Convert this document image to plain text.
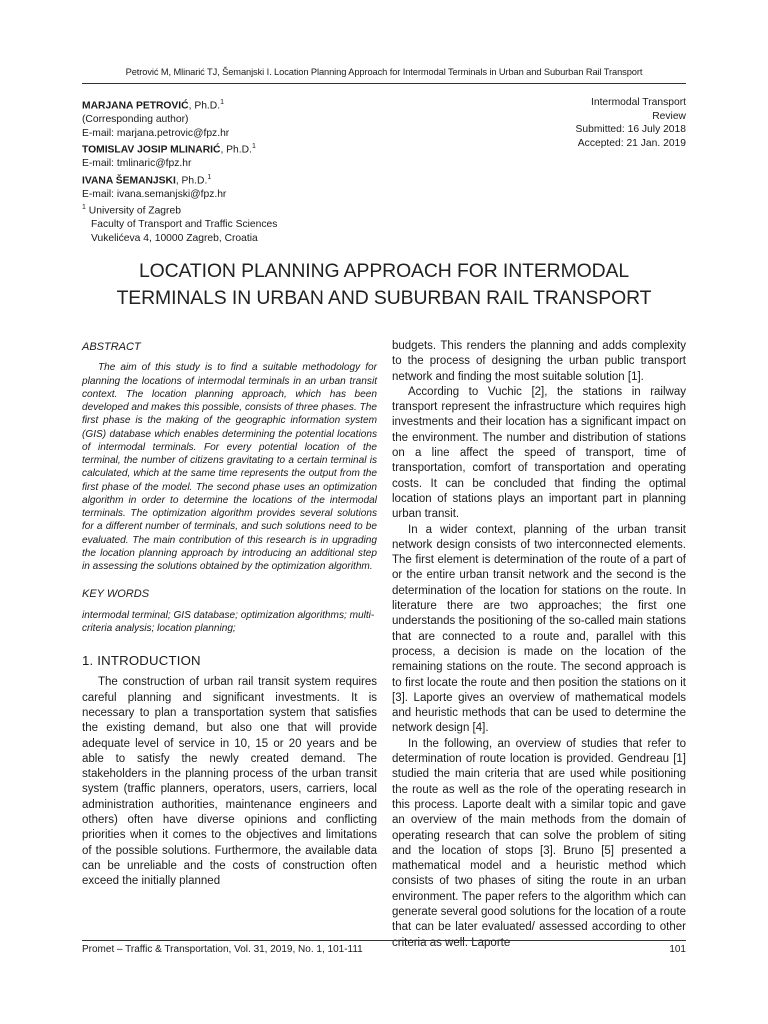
Petrović M, Mlinarić TJ, Šemanjski I. Location Planning Approach for Intermodal Terminals in Urban and Suburban Rail Transport
MARJANA PETROVIĆ, Ph.D.$^1$
(Corresponding author)
E-mail: marjana.petrovic@fpz.hr
TOMISLAV JOSIP MLINARIĆ, Ph.D.$^1$
E-mail: tmlinaric@fpz.hr
IVANA ŠEMANJSKI, Ph.D.$^1$
E-mail: ivana.semanjski@fpz.hr
$^1$ University of Zagreb
Faculty of Transport and Traffic Sciences
Vukelićeva 4, 10000 Zagreb, Croatia
Intermodal Transport
Review
Submitted: 16 July 2018
Accepted: 21 Jan. 2019
LOCATION PLANNING APPROACH FOR INTERMODAL
TERMINALS IN URBAN AND SUBURBAN RAIL TRANSPORT
ABSTRACT

The aim of this study is to find a suitable methodology for planning the locations of intermodal terminals in an urban transit context. The location planning approach, which has been developed and makes this possible, consists of three phases. The first phase is the making of the geographic information system (GIS) database which enables determining the potential locations of intermodal terminals. For every potential location of the terminal, the number of citizens gravitating to a certain terminal is calculated, which at the same time represents the output from the first phase of the model. The second phase uses an optimization algorithm in order to determine the locations of the intermodal terminals. The optimization algorithm provides several solutions for a different number of terminals, and such solutions need to be evaluated. The main contribution of this research is in upgrading the location planning approach by introducing an additional step in assessing the solutions obtained by the optimization algorithm.

KEY WORDS

intermodal terminal; GIS database; optimization algorithms; multi-criteria analysis; location planning;

1. INTRODUCTION

The construction of urban rail transit system requires careful planning and significant investments. It is necessary to plan a transportation system that satisfies the existing demand, but also one that will provide adequate level of service in 10, 15 or 20 years and be able to satisfy the newly created demand. The stakeholders in the planning process of the urban transit system (traffic planners, operators, users, carriers, local administration authorities, maintenance engineers and others) often have diverse opinions and conflicting priorities when it comes to the objectives and limitations of the possible solutions. Furthermore, the available data can be unreliable and the costs of construction often exceed the initially planned

budgets. This renders the planning and adds complexity to the process of designing the urban public transport network and finding the most suitable solution [1].

According to Vuchic [2], the stations in railway transport represent the infrastructure which requires high investments and their location has a significant impact on the environment. The number and distribution of stations on a line affect the speed of transport, time of transportation, comfort of transportation and operating costs. It can be concluded that finding the optimal location of stations plays an important part in planning urban transit.

In a wider context, planning of the urban transit network design consists of two interconnected elements. The first element is determination of the route of a part of or the entire urban transit network and the second is the determination of the location for stations on the route. In literature there are two approaches; the first one understands the positioning of the so-called main stations that are connected to a route and, parallel with this process, a decision is made on the location of the remaining stations on the route. The second approach is to first locate the route and then position the stations on it [3]. Laporte gives an overview of mathematical models and heuristic methods that can be used to determine the network design [4].

In the following, an overview of studies that refer to determination of route location is provided. Gendreau [1] studied the main criteria that are used while positioning the route as well as the role of the operating research in this process. Laporte dealt with a similar topic and gave an overview of the main methods from the domain of operating research that can solve the problem of siting and the location of stops [3]. Bruno [5] presented a mathematical model and a heuristic method which consists of two phases of siting the route in an urban environment. The paper refers to the algorithm which can generate several good solutions for the location of a route that can be later evaluated/ assessed according to other criteria as well. Laporte

Promet – Traffic & Transportation, Vol. 31, 2019, No. 1, 101-111	101
